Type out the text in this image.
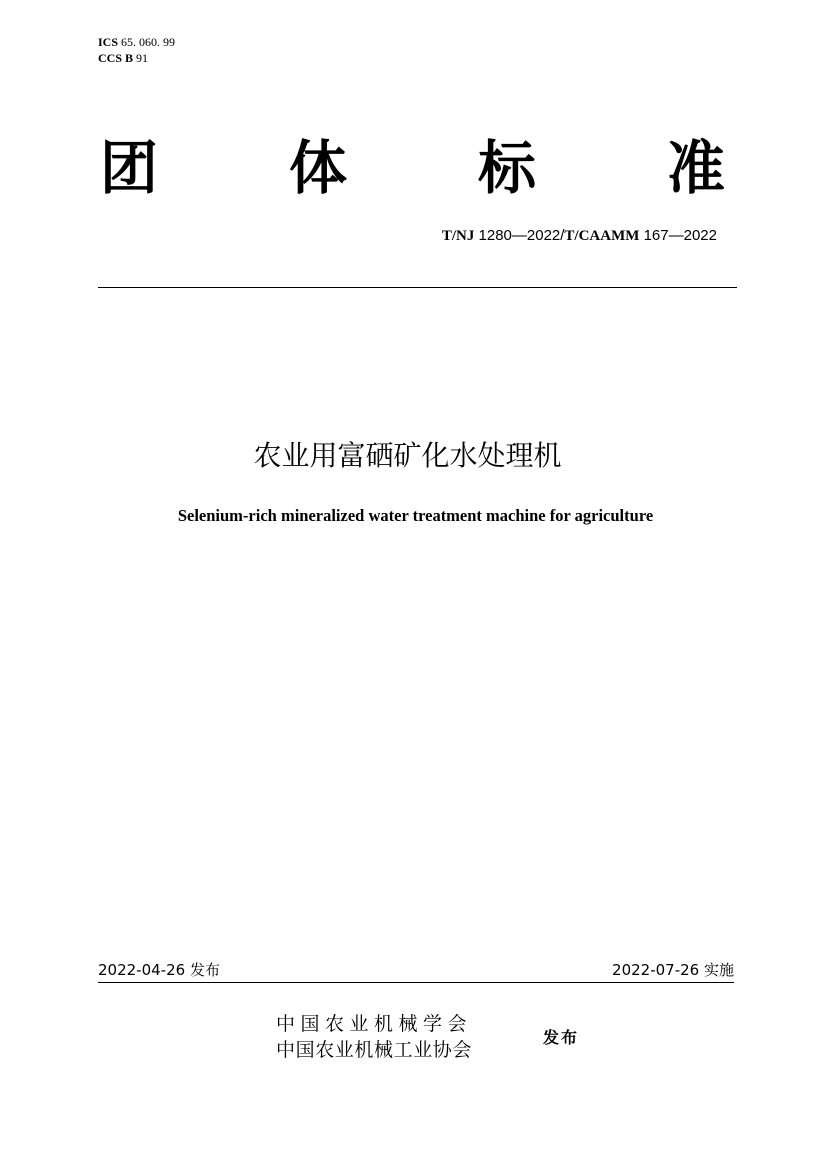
ICS 65. 060. 99
CCS B 91
团 体 标 准
T/NJ 1280—2022/T/CAAMM 167—2022
农业用富硒矿化水处理机
Selenium-rich mineralized water treatment machine for agriculture
2022-04-26 发布	2022-07-26 实施
中国农业机械学会
中国农业机械工业协会
发布
